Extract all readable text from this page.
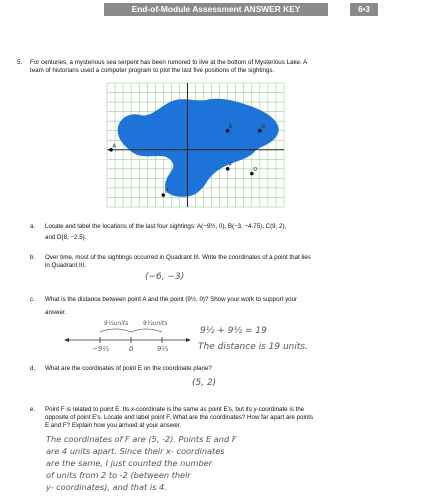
End-of-Module Assessment ANSWER KEY	6•3
5. For centuries, a mysterious sea serpent has been rumored to live at the bottom of Mysterious Lake. A
team of historians used a computer program to plot the last five positions of the sightings.
A
B
C
D
E
F
a. Locate and label the locations of the last four sightings: A(−9½, 0), B(−3, −4.75), C(9, 2),
and D(8, −2.5).
b. Over time, most of the sightings occurred in Quadrant III. Write the coordinates of a point that lies
in Quadrant III.
(−6, −3)
c. What is the distance between point A and the point (9½, 0)? Show your work to support your
answer.
9½units 9½units
−9½	0	9½
9½ + 9½ = 19
The distance is 19 units.
d. What are the coordinates of point E on the coordinate plane?
(5, 2)
e. Point F is related to point E. Its x-coordinate is the same as point E's, but its y-coordinate is the
opposite of point E's. Locate and label point F. What are the coordinates? How far apart are points
E and F? Explain how you arrived at your answer.
The coordinates of F are (5, -2). Points E and F
are 4 units apart. Since their x- coordinates
are the same, I just counted the number
of units from 2 to -2 (between their
y- coordinates), and that is 4.
